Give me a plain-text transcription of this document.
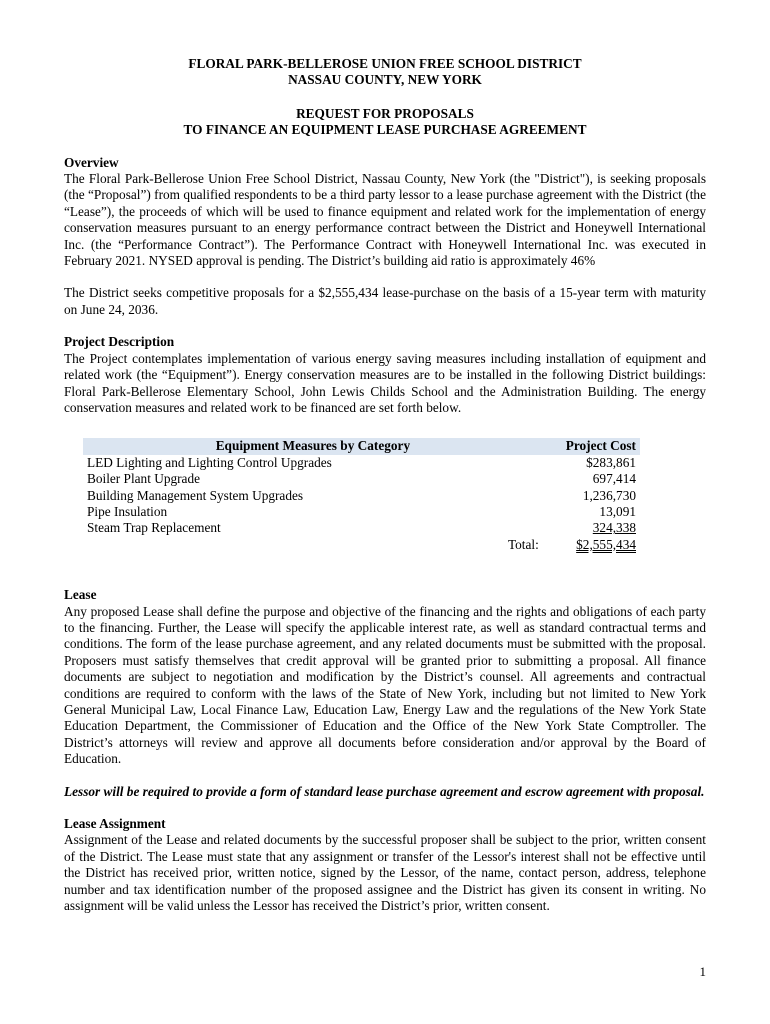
FLORAL PARK-BELLEROSE UNION FREE SCHOOL DISTRICT
NASSAU COUNTY, NEW YORK
REQUEST FOR PROPOSALS
TO FINANCE AN EQUIPMENT LEASE PURCHASE AGREEMENT
Overview

The Floral Park-Bellerose Union Free School District, Nassau County, New York (the "District"), is seeking proposals (the “Proposal”) from qualified respondents to be a third party lessor to a lease purchase agreement with the District (the “Lease”), the proceeds of which will be used to finance equipment and related work for the implementation of energy conservation measures pursuant to an energy performance contract between the District and Honeywell International Inc. (the “Performance Contract”). The Performance Contract with Honeywell International Inc. was executed in February 2021. NYSED approval is pending. The District’s building aid ratio is approximately 46%

The District seeks competitive proposals for a $2,555,434 lease-purchase on the basis of a 15-year term with maturity on June 24, 2036.

Project Description

The Project contemplates implementation of various energy saving measures including installation of equipment and related work (the “Equipment”). Energy conservation measures are to be installed in the following District buildings: Floral Park-Bellerose Elementary School, John Lewis Childs School and the Administration Building. The energy conservation measures and related work to be financed are set forth below.

Equipment Measures by Category		Project Cost
LED Lighting and Lighting Control Upgrades		$283,861
Boiler Plant Upgrade		697,414
Building Management System Upgrades		1,236,730
Pipe Insulation		13,091
Steam Trap Replacement		324,338
	Total:	$2,555,434
Lease

Any proposed Lease shall define the purpose and objective of the financing and the rights and obligations of each party to the financing. Further, the Lease will specify the applicable interest rate, as well as standard contractual terms and conditions. The form of the lease purchase agreement, and any related documents must be submitted with the proposal. Proposers must satisfy themselves that credit approval will be granted prior to submitting a proposal. All finance documents are subject to negotiation and modification by the District’s counsel. All agreements and contractual conditions are required to conform with the laws of the State of New York, including but not limited to New York General Municipal Law, Local Finance Law, Education Law, Energy Law and the regulations of the New York State Education Department, the Commissioner of Education and the Office of the New York State Comptroller. The District’s attorneys will review and approve all documents before consideration and/or approval by the Board of Education.

Lessor will be required to provide a form of standard lease purchase agreement and escrow agreement with proposal.

Lease Assignment

Assignment of the Lease and related documents by the successful proposer shall be subject to the prior, written consent of the District. The Lease must state that any assignment or transfer of the Lessor's interest shall not be effective until the District has received prior, written notice, signed by the Lessor, of the name, contact person, address, telephone number and tax identification number of the proposed assignee and the District has given its consent in writing. No assignment will be valid unless the Lessor has received the District’s prior, written consent.

1
